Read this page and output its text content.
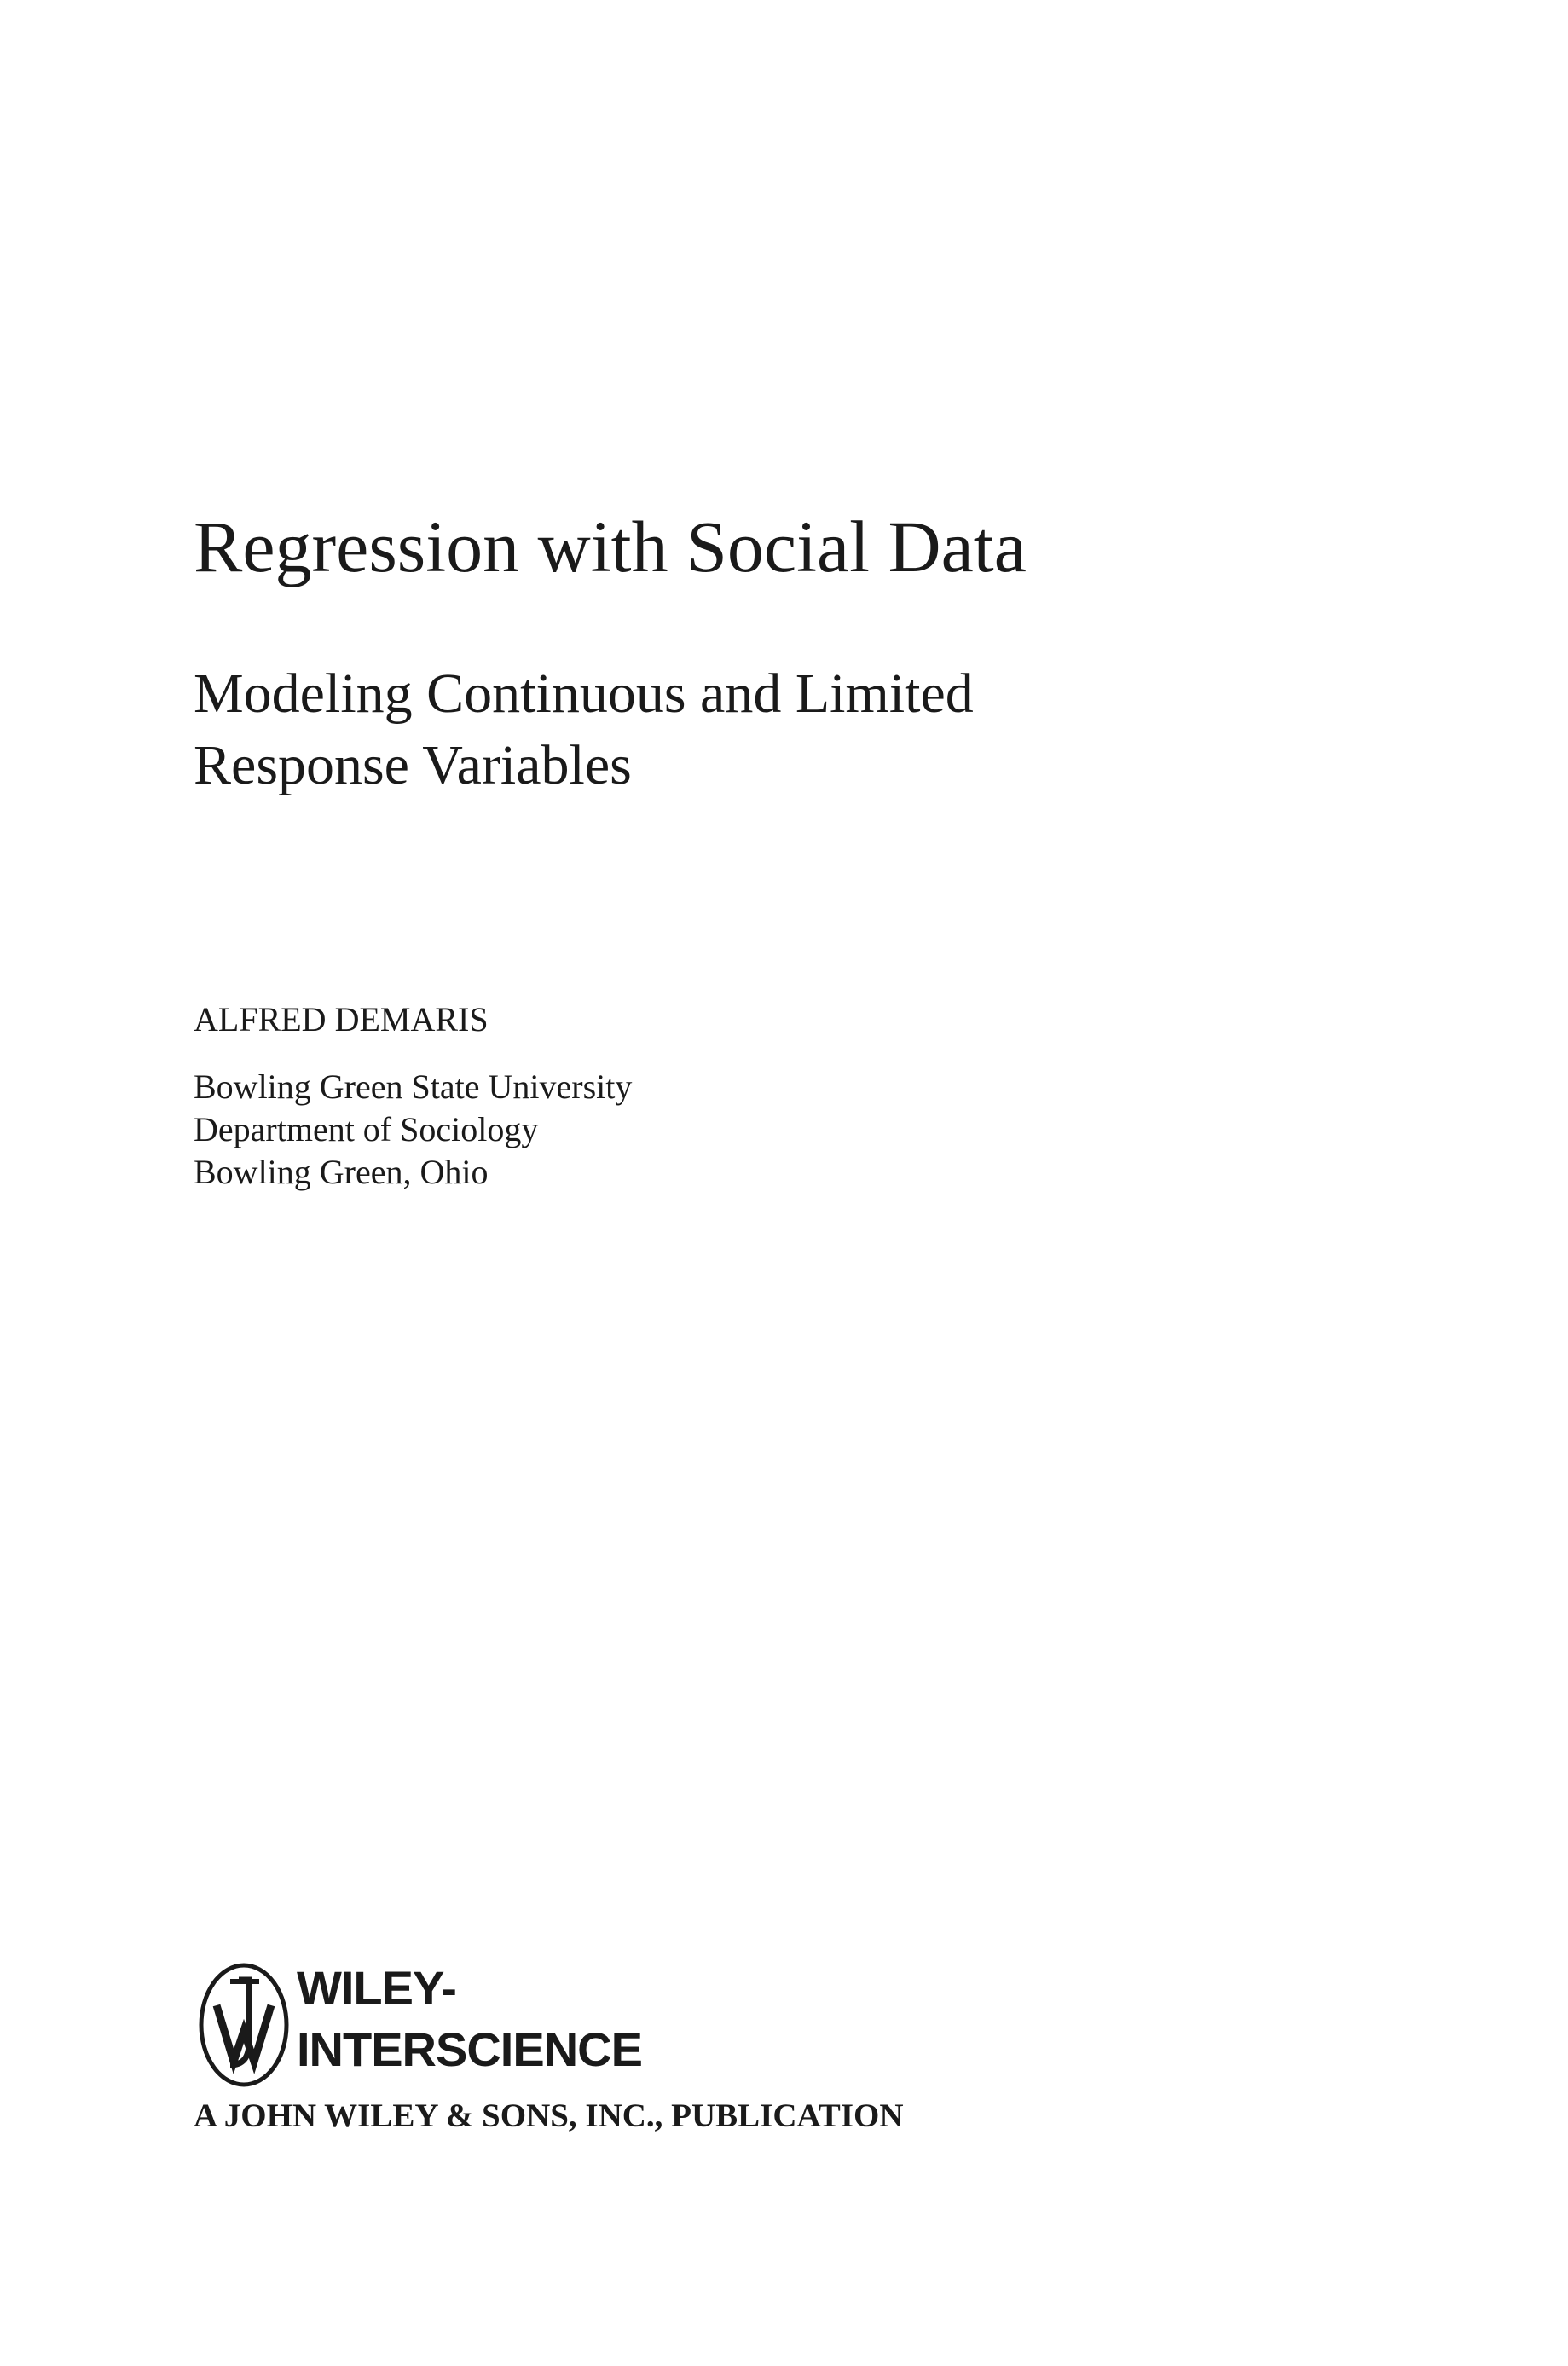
Regression with Social Data
Modeling Continuous and Limited
Response Variables

ALFRED DEMARIS

Bowling Green State University
Department of Sociology
Bowling Green, Ohio

WILEY-
INTERSCIENCE

A JOHN WILEY & SONS, INC., PUBLICATION
